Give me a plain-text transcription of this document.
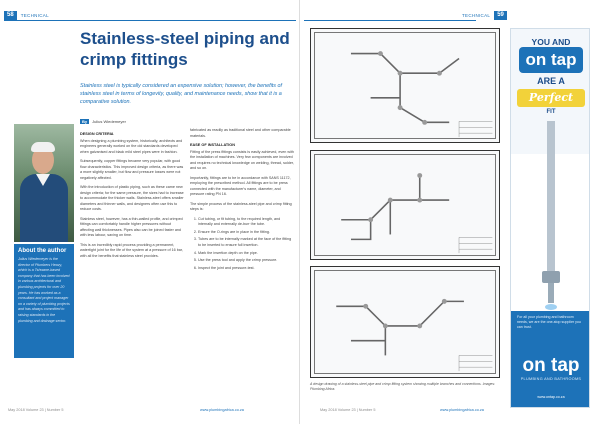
58	TECHNICAL
Stainless-steel piping and crimp fittings
Stainless steel is typically considered an expensive solution; however, the benefits of stainless steel in terms of longevity, quality, and maintenance needs, show that it is a comparative solution.
By	Julius Wiedemeyer
About the author
Julius Wiedemeyer is the director of Plumbers Heavy, which is a Tshwane-based company that has been involved in various architectural and plumbing projects for over 20 years. He has worked as a consultant and project manager on a variety of plumbing projects and has always committed to raising standards in the plumbing and drainage sector.

DESIGN CRITERIA
When designing a plumbing system, historically, architects and engineers generally worked on the old standards developed when galvanised and black mild steel pipes were in fashion.

Subsequently, copper fittings became very popular, with good flow characteristics. This improved design criteria, as there was a more slightly smaller, but flow and pressure losses were not negatively affected.

With the introduction of plastic piping, such as these came new design criteria; for the same pressure, the sizes had to increase to accommodate the thicker walls. Stainless-steel offers smaller diameters and thinner walls, and designers often use this to reduce costs.

Stainless steel, however, has a thin-walled profile, and crimped fittings can comfortably handle higher pressures without affecting wall thicknesses. Pipes also can be joined faster and with less labour, saving on time.

This is an incredibly rapid process providing a permanent, watertight joint for the life of the system at a pressure of 16 bar, with all the benefits that stainless steel provides.

fabricated as readily as traditional steel and other comparable materials.

EASE OF INSTALLATION
Fitting of the press fittings consists is easily achieved, even with the installation of machines. Very few components are involved and requires no technical knowledge on welding, thread, solder, and so on.

Importantly, fittings are to be in accordance with SANS 11172, employing the prescribed method. All fittings are to be press connected with the manufacturer's name, diameter, and pressure rating PN 16.

The simple process of the stainless-steel pipe and crimp fitting steps is:

1. Cut tubing, or fit tubing, to the required length, and internally and externally de-burr the tube.
2. Ensure the O-rings are in place in the fitting.
3. Tubes are to be internally marked at the face of the fitting to be inserted to ensure full insertion.
4. Mark the insertion depth on the pipe.
5. Use the press tool and apply the crimp pressure.
6. Inspect the joint and pressure-test.
May 2018 Volume 23 | Number 5	www.plumbingafrica.co.za
TECHNICAL	59
A design drawing of a stainless-steel pipe and crimp fitting system showing multiple branches and connections. Images: Plumbing Africa.
YOU AND
on tap
ARE A
Perfect
FIT
For all your plumbing and bathroom needs, we are the one-stop supplier you can trust.
on tap
PLUMBING AND BATHROOMS
www.ontap.co.za
May 2018 Volume 23 | Number 5	www.plumbingafrica.co.za
